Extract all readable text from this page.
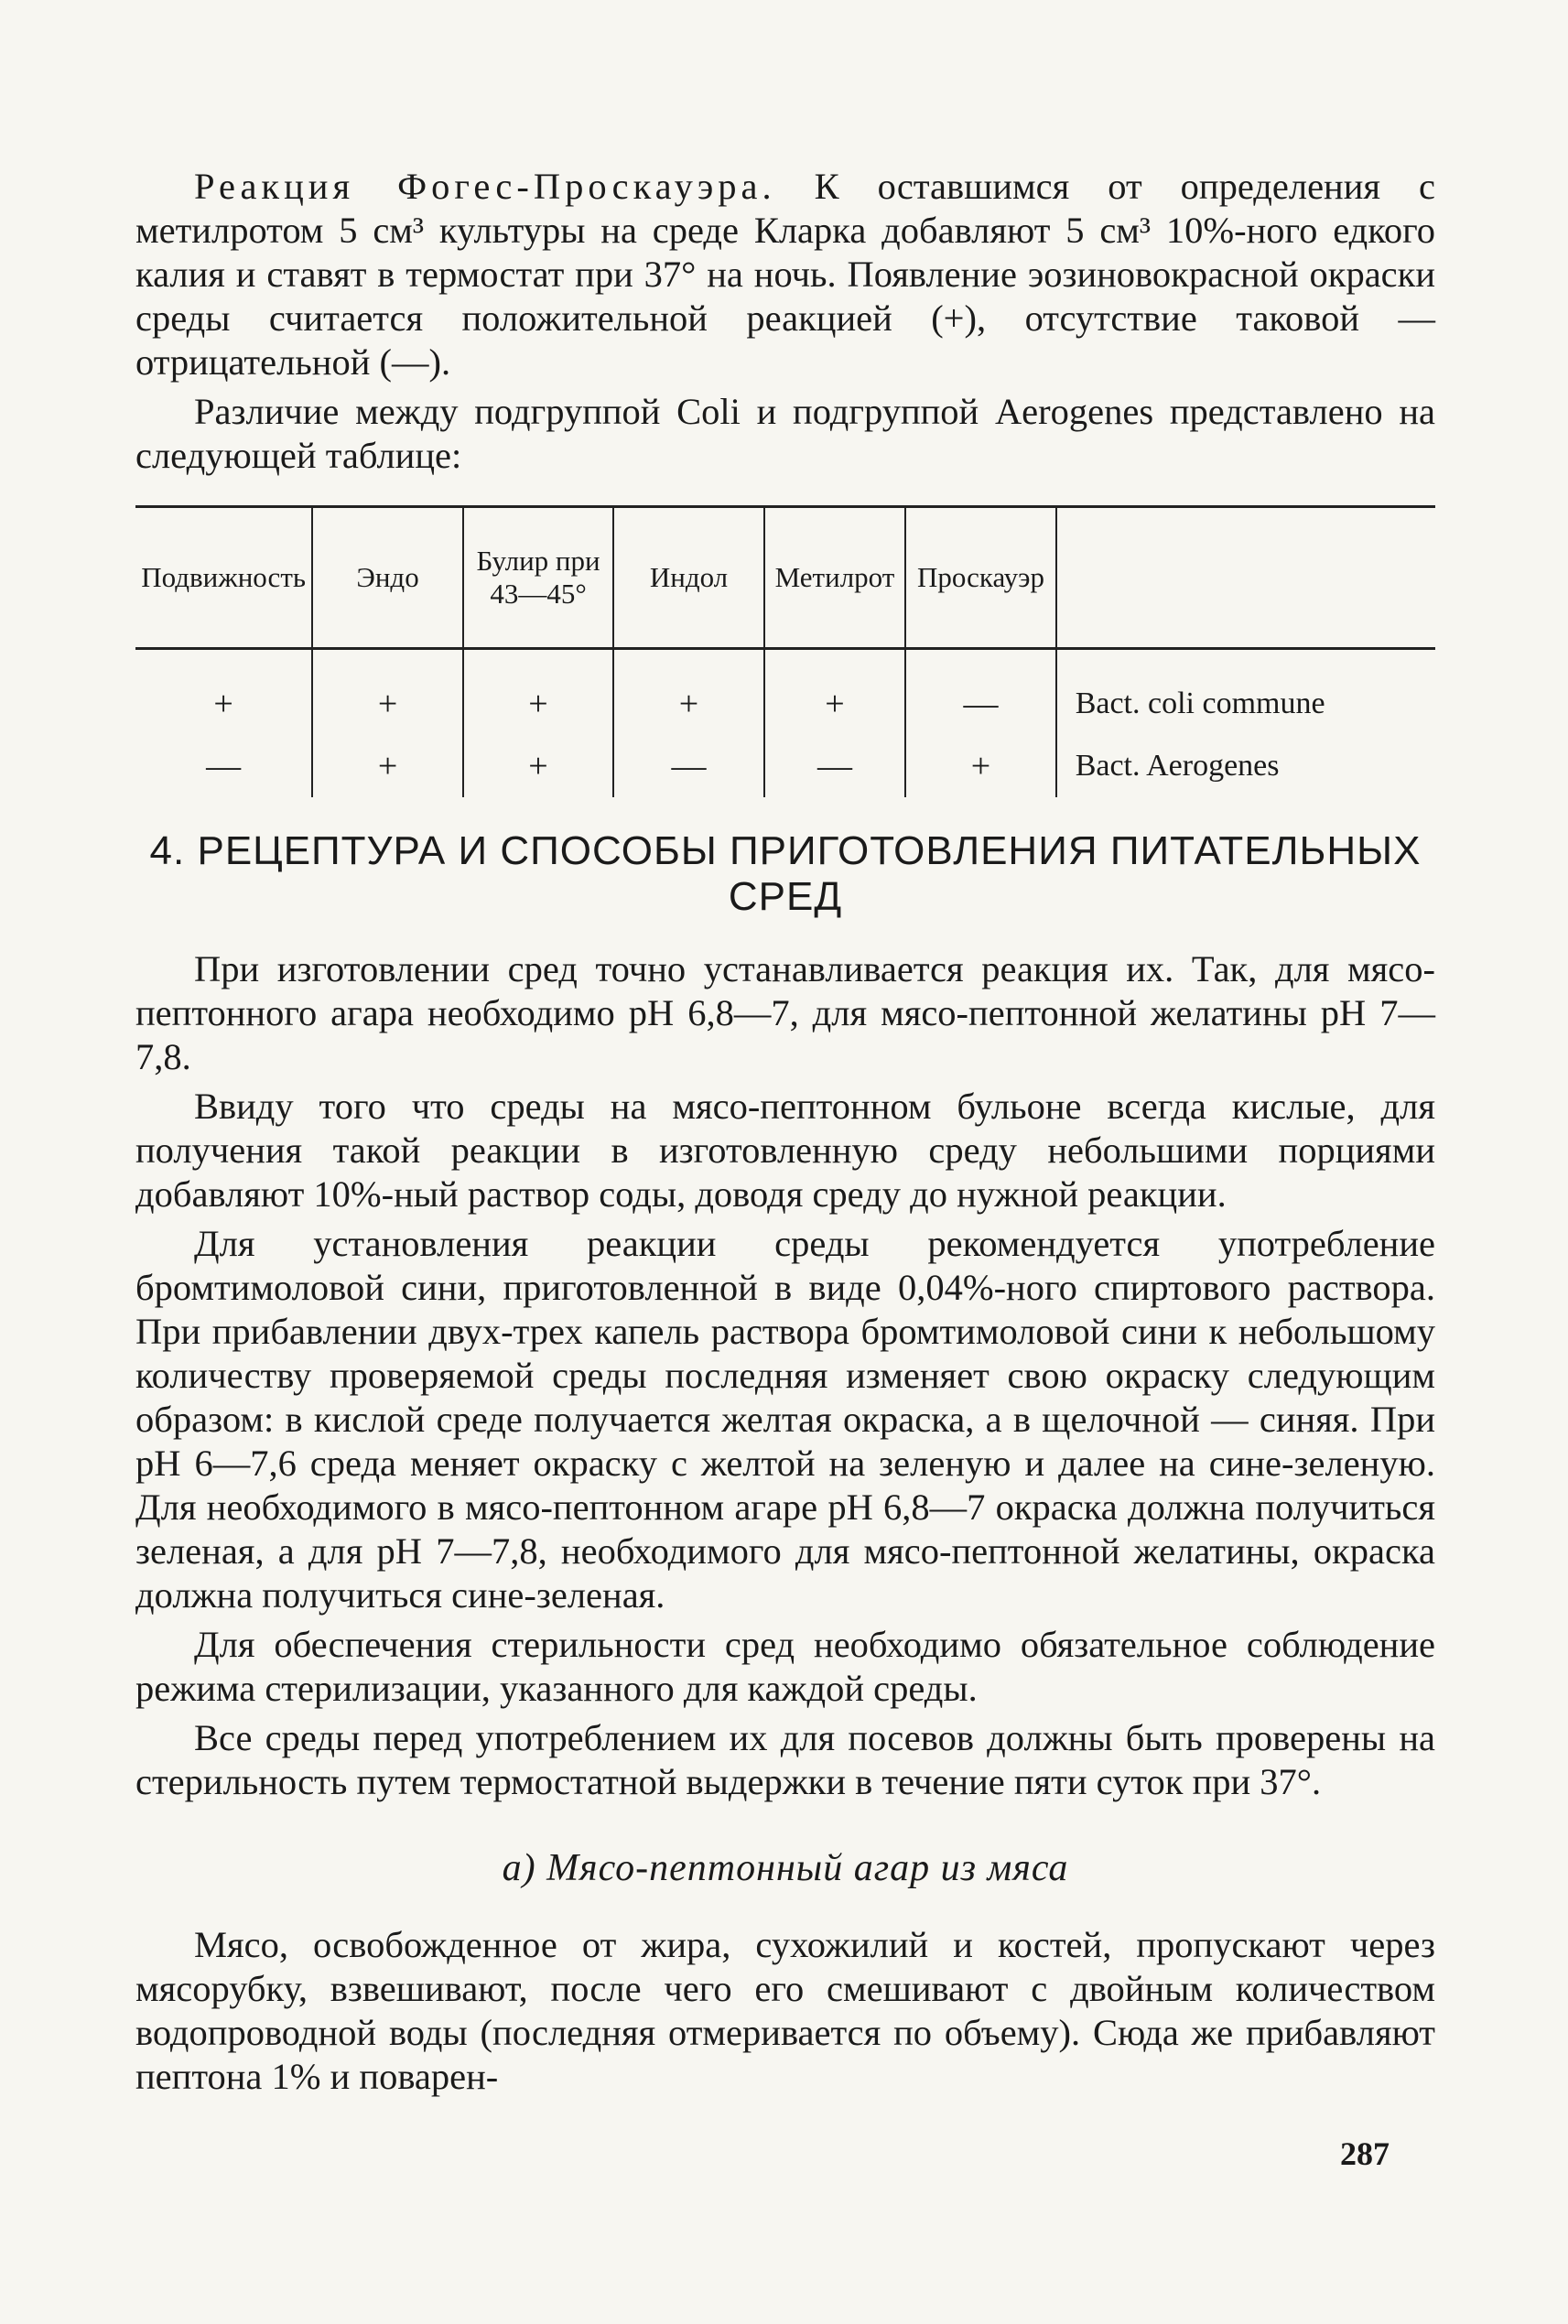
Реакция Фогес-Проскауэра. К оставшимся от определения с метилротом 5 см³ культуры на среде Кларка добавляют 5 см³ 10%-ного едкого калия и ставят в термостат при 37° на ночь. Появление эозиновокрасной окраски среды считается положительной реакцией (+), отсутствие таковой — отрицательной (—).

Различие между подгруппой Coli и подгруппой Aerogenes представлено на следующей таблице:

Подвижность	Эндо	Булир при 43—45°	Индол	Метилрот	Проскауэр	
+	+	+	+	+	—	Bact. coli commune
—	+	+	—	—	+	Bact. Aerogenes
4. РЕЦЕПТУРА И СПОСОБЫ ПРИГОТОВЛЕНИЯ ПИТАТЕЛЬНЫХ СРЕД

При изготовлении сред точно устанавливается реакция их. Так, для мясо-пептонного агара необходимо рН 6,8—7, для мясо-пептонной желатины рН 7—7,8.

Ввиду того что среды на мясо-пептонном бульоне всегда кислые, для получения такой реакции в изготовленную среду небольшими порциями добавляют 10%-ный раствор соды, доводя среду до нужной реакции.

Для установления реакции среды рекомендуется употребление бромтимоловой сини, приготовленной в виде 0,04%-ного спиртового раствора. При прибавлении двух-трех капель раствора бромтимоловой сини к небольшому количеству проверяемой среды последняя изменяет свою окраску следующим образом: в кислой среде получается желтая окраска, а в щелочной — синяя. При рН 6—7,6 среда меняет окраску с желтой на зеленую и далее на сине-зеленую. Для необходимого в мясо-пептонном агаре рН 6,8—7 окраска должна получиться зеленая, а для рН 7—7,8, необходимого для мясо-пептонной желатины, окраска должна получиться сине-зеленая.

Для обеспечения стерильности сред необходимо обязательное соблюдение режима стерилизации, указанного для каждой среды.

Все среды перед употреблением их для посевов должны быть проверены на стерильность путем термостатной выдержки в течение пяти суток при 37°.

а) Мясо-пептонный агар из мяса

Мясо, освобожденное от жира, сухожилий и костей, пропускают через мясорубку, взвешивают, после чего его смешивают с двойным количеством водопроводной воды (последняя отмеривается по объему). Сюда же прибавляют пептона 1% и поварен-

287
